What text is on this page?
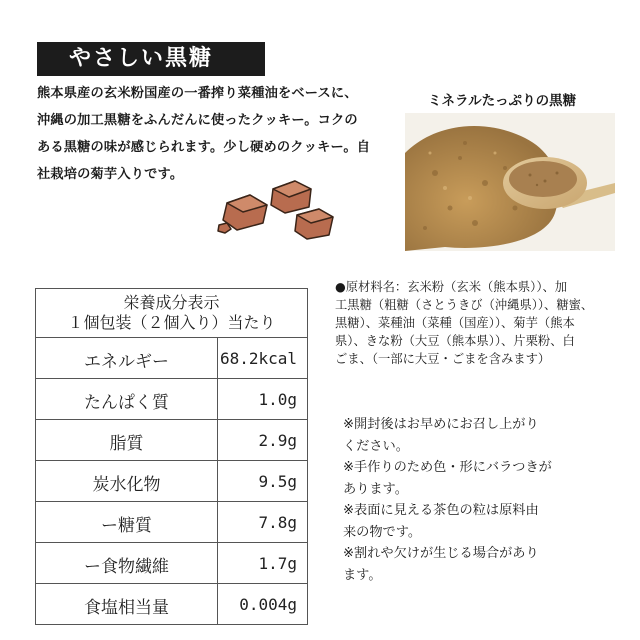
やさしい黒糖

熊本県産の玄米粉国産の一番搾り菜種油をベースに、

沖縄の加工黒糖をふんだんに使ったクッキー。コクの

ある黒糖の味が感じられます。少し硬めのクッキー。自

社栽培の菊芋入りです。

ミネラルたっぷりの黒糖
栄養成分表示
１個包装（２個入り）当たり	

エネルギー	68.2kcal
たんぱく質	1.0g
脂質	2.9g
炭水化物	9.5g
ー糖質	7.8g
ー食物繊維	1.7g
食塩相当量	0.004g

●原材料名：玄米粉（玄米（熊本県））、加

工黒糖（粗糖（さとうきび（沖縄県））、糖蜜、

黒糖）、菜種油（菜種（国産））、菊芋（熊本

県）、きな粉（大豆（熊本県））、片栗粉、白

ごま、（一部に大豆・ごまを含みます）

※開封後はお早めにお召し上がり

ください。

※手作りのため色・形にバラつきが

あります。

※表面に見える茶色の粒は原料由

来の物です。

※割れや欠けが生じる場合があり

ます。
